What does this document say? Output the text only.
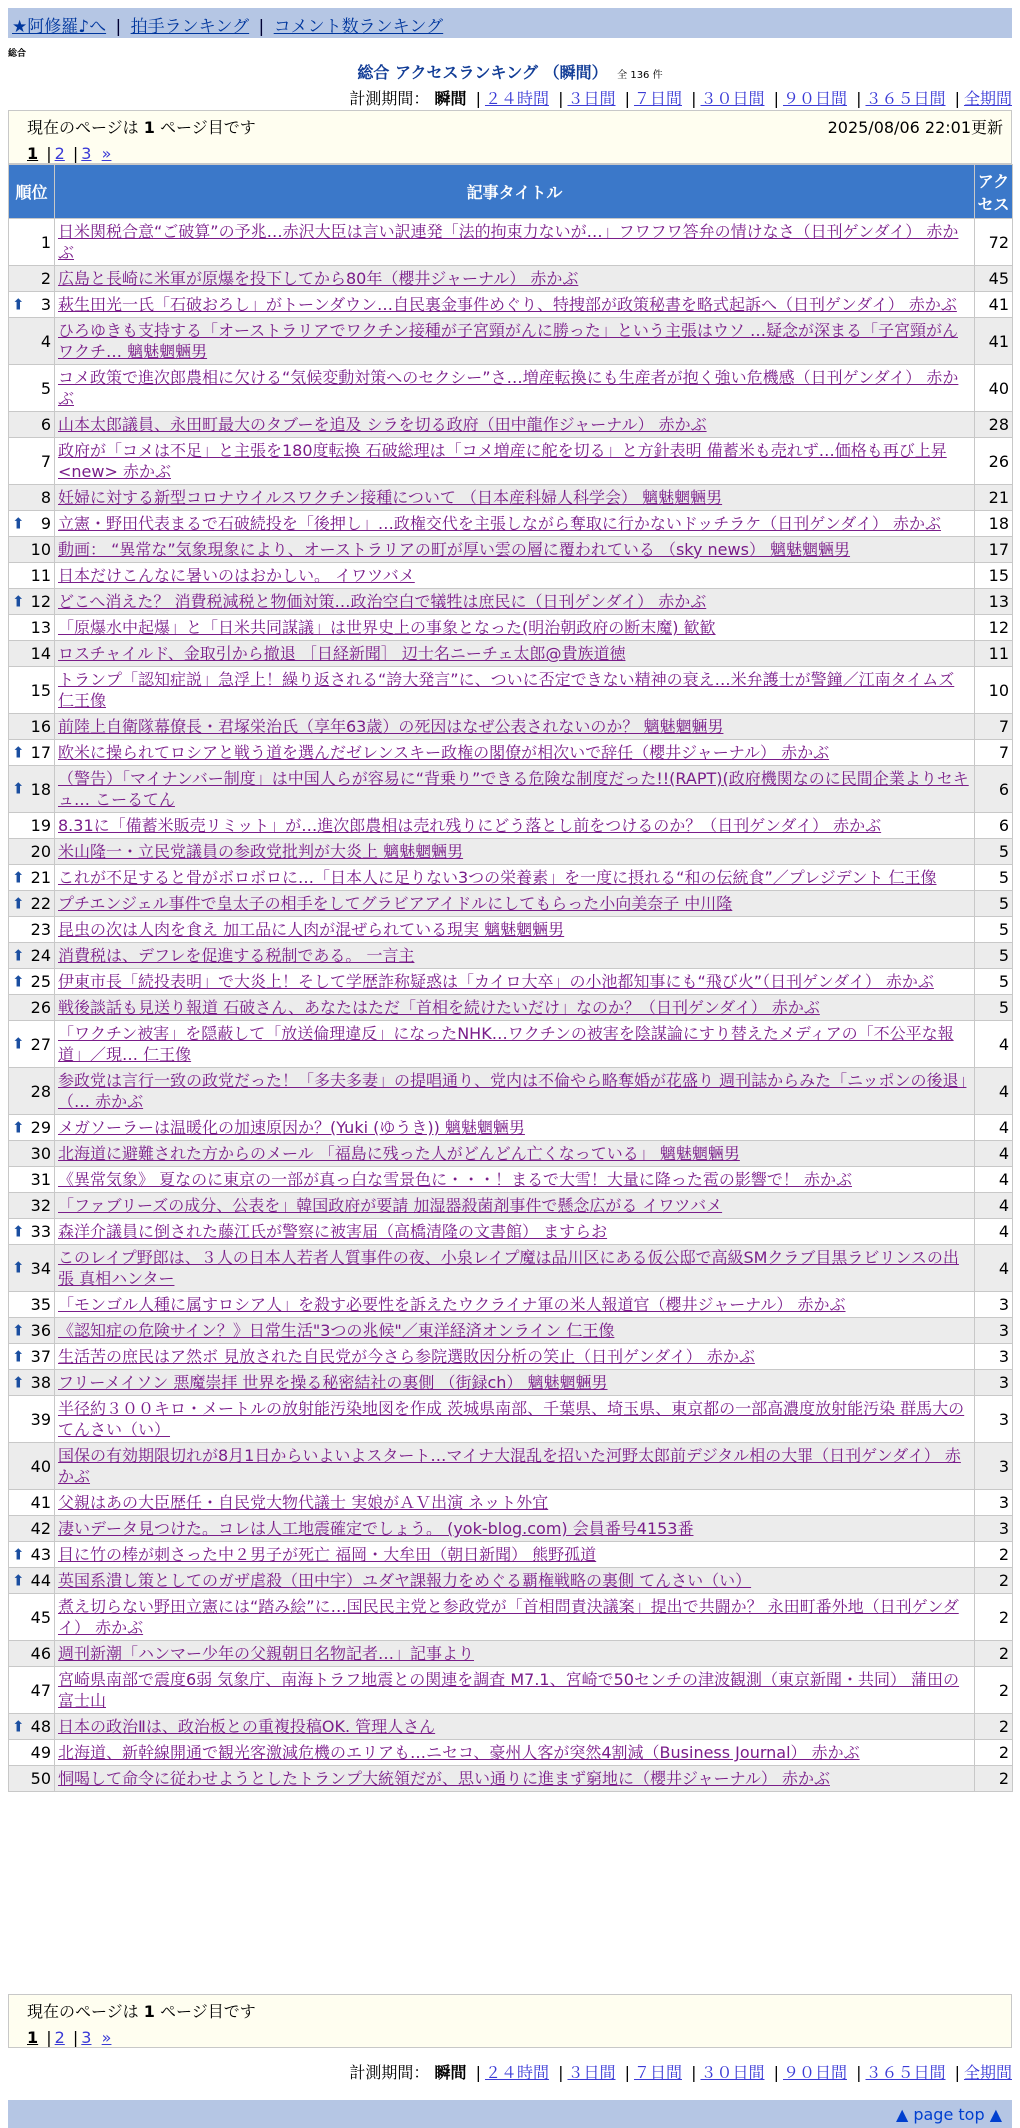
★阿修羅♪へ | 拍手ランキング | コメント数ランキング
総合
総合 アクセスランキング （瞬間） 全 136 件
計測期間： 瞬間 | ２４時間 | ３日間 | ７日間 | ３０日間 | ９０日間 | ３６５日間 | 全期間
現在のページは 1 ページ目です	2025/08/06 22:01更新
1 | 2 | 3 »
順位	記事タイトル	アクセス
1	日米関税合意“ご破算”の予兆…赤沢大臣は言い訳連発「法的拘束力ないが…」フワフワ答弁の情けなさ（日刊ゲンダイ） 赤かぶ	72
2	広島と長崎に米軍が原爆を投下してから80年（櫻井ジャーナル） 赤かぶ	45

⬆ 3	萩生田光一氏「石破おろし」がトーンダウン…自民裏金事件めぐり、特捜部が政策秘書を略式起訴へ（日刊ゲンダイ） 赤かぶ	41
4	ひろゆきも支持する「オーストラリアでワクチン接種が子宮頸がんに勝った」という主張はウソ …疑念が深まる「子宮頸がんワクチ… 魑魅魍魎男	41
5	コメ政策で進次郎農相に欠ける“気候変動対策へのセクシー”さ…増産転換にも生産者が抱く強い危機感（日刊ゲンダイ） 赤かぶ	40
6	山本太郎議員、永田町最大のタブーを追及 シラを切る政府（田中龍作ジャーナル） 赤かぶ	28
7	政府が「コメは不足」と主張を180度転換 石破総理は「コメ増産に舵を切る」と方針表明 備蓄米も売れず…価格も再び上昇<new> 赤かぶ	26
8	妊婦に対する新型コロナウイルスワクチン接種について （日本産科婦人科学会） 魑魅魍魎男	21

⬆ 9	立憲・野田代表まるで石破続投を「後押し」…政権交代を主張しながら奪取に行かないドッチラケ（日刊ゲンダイ） 赤かぶ	18
10	動画： “異常な”気象現象により、オーストラリアの町が厚い雲の層に覆われている （sky news） 魑魅魍魎男	17
11	日本だけこんなに暑いのはおかしい。 イワツバメ	15

⬆ 12	どこへ消えた？ 消費税減税と物価対策…政治空白で犠牲は庶民に（日刊ゲンダイ） 赤かぶ	13
13	「原爆水中起爆」と「日米共同謀議」は世界史上の事象となった(明治朝政府の断末魔) 歓歓	12
14	ロスチャイルド、金取引から撤退 ［日経新聞］ 辺士名ニーチェ太郎@貴族道徳	11
15	トランプ「認知症説」急浮上！繰り返される“誇大発言”に、ついに否定できない精神の衰え…米弁護士が警鐘／江南タイムズ 仁王像	10
16	前陸上自衛隊幕僚長・君塚栄治氏（享年63歳）の死因はなぜ公表されないのか？ 魑魅魍魎男	7

⬆ 17	欧米に操られてロシアと戦う道を選んだゼレンスキー政権の閣僚が相次いで辞任（櫻井ジャーナル） 赤かぶ	7

⬆ 18	（警告）「マイナンバー制度」は中国人らが容易に“背乗り”できる危険な制度だった!!(RAPT)(政府機関なのに民間企業よりセキュ… こーるてん	6
19	8.31に「備蓄米販売リミット」が…進次郎農相は売れ残りにどう落とし前をつけるのか？（日刊ゲンダイ） 赤かぶ	6
20	米山隆一・立民党議員の参政党批判が大炎上 魑魅魍魎男	5

⬆ 21	これが不足すると骨がボロボロに…「日本人に足りない3つの栄養素」を一度に摂れる“和の伝統食”／プレジデント 仁王像	5

⬆ 22	プチエンジェル事件で皇太子の相手をしてグラビアアイドルにしてもらった小向美奈子 中川隆	5
23	昆虫の次は人肉を食え 加工品に人肉が混ぜられている現実 魑魅魍魎男	5

⬆ 24	消費税は、デフレを促進する税制である。 一言主	5

⬆ 25	伊東市長「続投表明」で大炎上！そして学歴詐称疑惑は「カイロ大卒」の小池都知事にも“飛び火”（日刊ゲンダイ） 赤かぶ	5
26	戦後談話も見送り報道 石破さん、あなたはただ「首相を続けたいだけ」なのか？（日刊ゲンダイ） 赤かぶ	5

⬆ 27	「ワクチン被害」を隠蔽して「放送倫理違反」になったNHK…ワクチンの被害を陰謀論にすり替えたメディアの「不公平な報道」／現… 仁王像	4
28	参政党は言行一致の政党だった！「多夫多妻」の提唱通り、党内は不倫やら略奪婚が花盛り 週刊誌からみた「ニッポンの後退」（… 赤かぶ	4

⬆ 29	メガソーラーは温暖化の加速原因か？(Yuki (ゆうき)) 魑魅魍魎男	4
30	北海道に避難された方からのメール 「福島に残った人がどんどん亡くなっている」 魑魅魍魎男	4
31	《異常気象》 夏なのに東京の一部が真っ白な雪景色に・・・！まるで大雪！大量に降った雹の影響で！ 赤かぶ	4
32	「ファブリーズの成分、公表を」韓国政府が要請 加湿器殺菌剤事件で懸念広がる イワツバメ	4

⬆ 33	森洋介議員に倒された藤江氏が警察に被害届（高橋清隆の文書館） ますらお	4

⬆ 34	このレイプ野郎は、３人の日本人若者人質事件の夜、小泉レイプ魔は品川区にある仮公邸で高級SMクラブ目黒ラビリンスの出張 真相ハンター	4
35	「モンゴル人種に属すロシア人」を殺す必要性を訴えたウクライナ軍の米人報道官（櫻井ジャーナル） 赤かぶ	3

⬆ 36	《認知症の危険サイン？》日常生活"3つの兆候"／東洋経済オンライン 仁王像	3

⬆ 37	生活苦の庶民はア然ボ 見放された自民党が今さら参院選敗因分析の笑止（日刊ゲンダイ） 赤かぶ	3

⬆ 38	フリーメイソン 悪魔崇拝 世界を操る秘密結社の裏側 （街録ch） 魑魅魍魎男	3
39	半径約３００キロ・メートルの放射能汚染地図を作成 茨城県南部、千葉県、埼玉県、東京都の一部高濃度放射能汚染 群馬大のてんさい（い）	3
40	国保の有効期限切れが8月1日からいよいよスタート…マイナ大混乱を招いた河野太郎前デジタル相の大罪（日刊ゲンダイ） 赤かぶ	3
41	父親はあの大臣歴任・自民党大物代議士 実娘がＡＶ出演 ネット外宜	3
42	凄いデータ見つけた。コレは人工地震確定でしょう。 (yok-blog.com) 会員番号4153番	3

⬆ 43	目に竹の棒が刺さった中２男子が死亡 福岡・大牟田（朝日新聞） 熊野孤道	2

⬆ 44	英国系潰し策としてのガザ虐殺（田中宇）ユダヤ課報力をめぐる覇権戦略の裏側 てんさい（い）	2
45	煮え切らない野田立憲には“踏み絵”に…国民民主党と参政党が「首相問責決議案」提出で共闘か？ 永田町番外地（日刊ゲンダイ） 赤かぶ	2
46	週刊新潮「ハンマー少年の父親朝日名物記者…」記事より	2
47	宮崎県南部で震度6弱 気象庁、南海トラフ地震との関連を調査 M7.1、宮崎で50センチの津波観測（東京新聞・共同） 蒲田の富士山	2

⬆ 48	日本の政治Ⅱは、政治板との重複投稿OK. 管理人さん	2
49	北海道、新幹線開通で観光客激減危機のエリアも…ニセコ、豪州人客が突然4割減（Business Journal） 赤かぶ	2
50	恫喝して命令に従わせようとしたトランプ大統領だが、思い通りに進まず窮地に（櫻井ジャーナル） 赤かぶ	2
現在のページは 1 ページ目です
1 | 2 | 3 »
計測期間： 瞬間 | ２４時間 | ３日間 | ７日間 | ３０日間 | ９０日間 | ３６５日間 | 全期間
▲ page top ▲
